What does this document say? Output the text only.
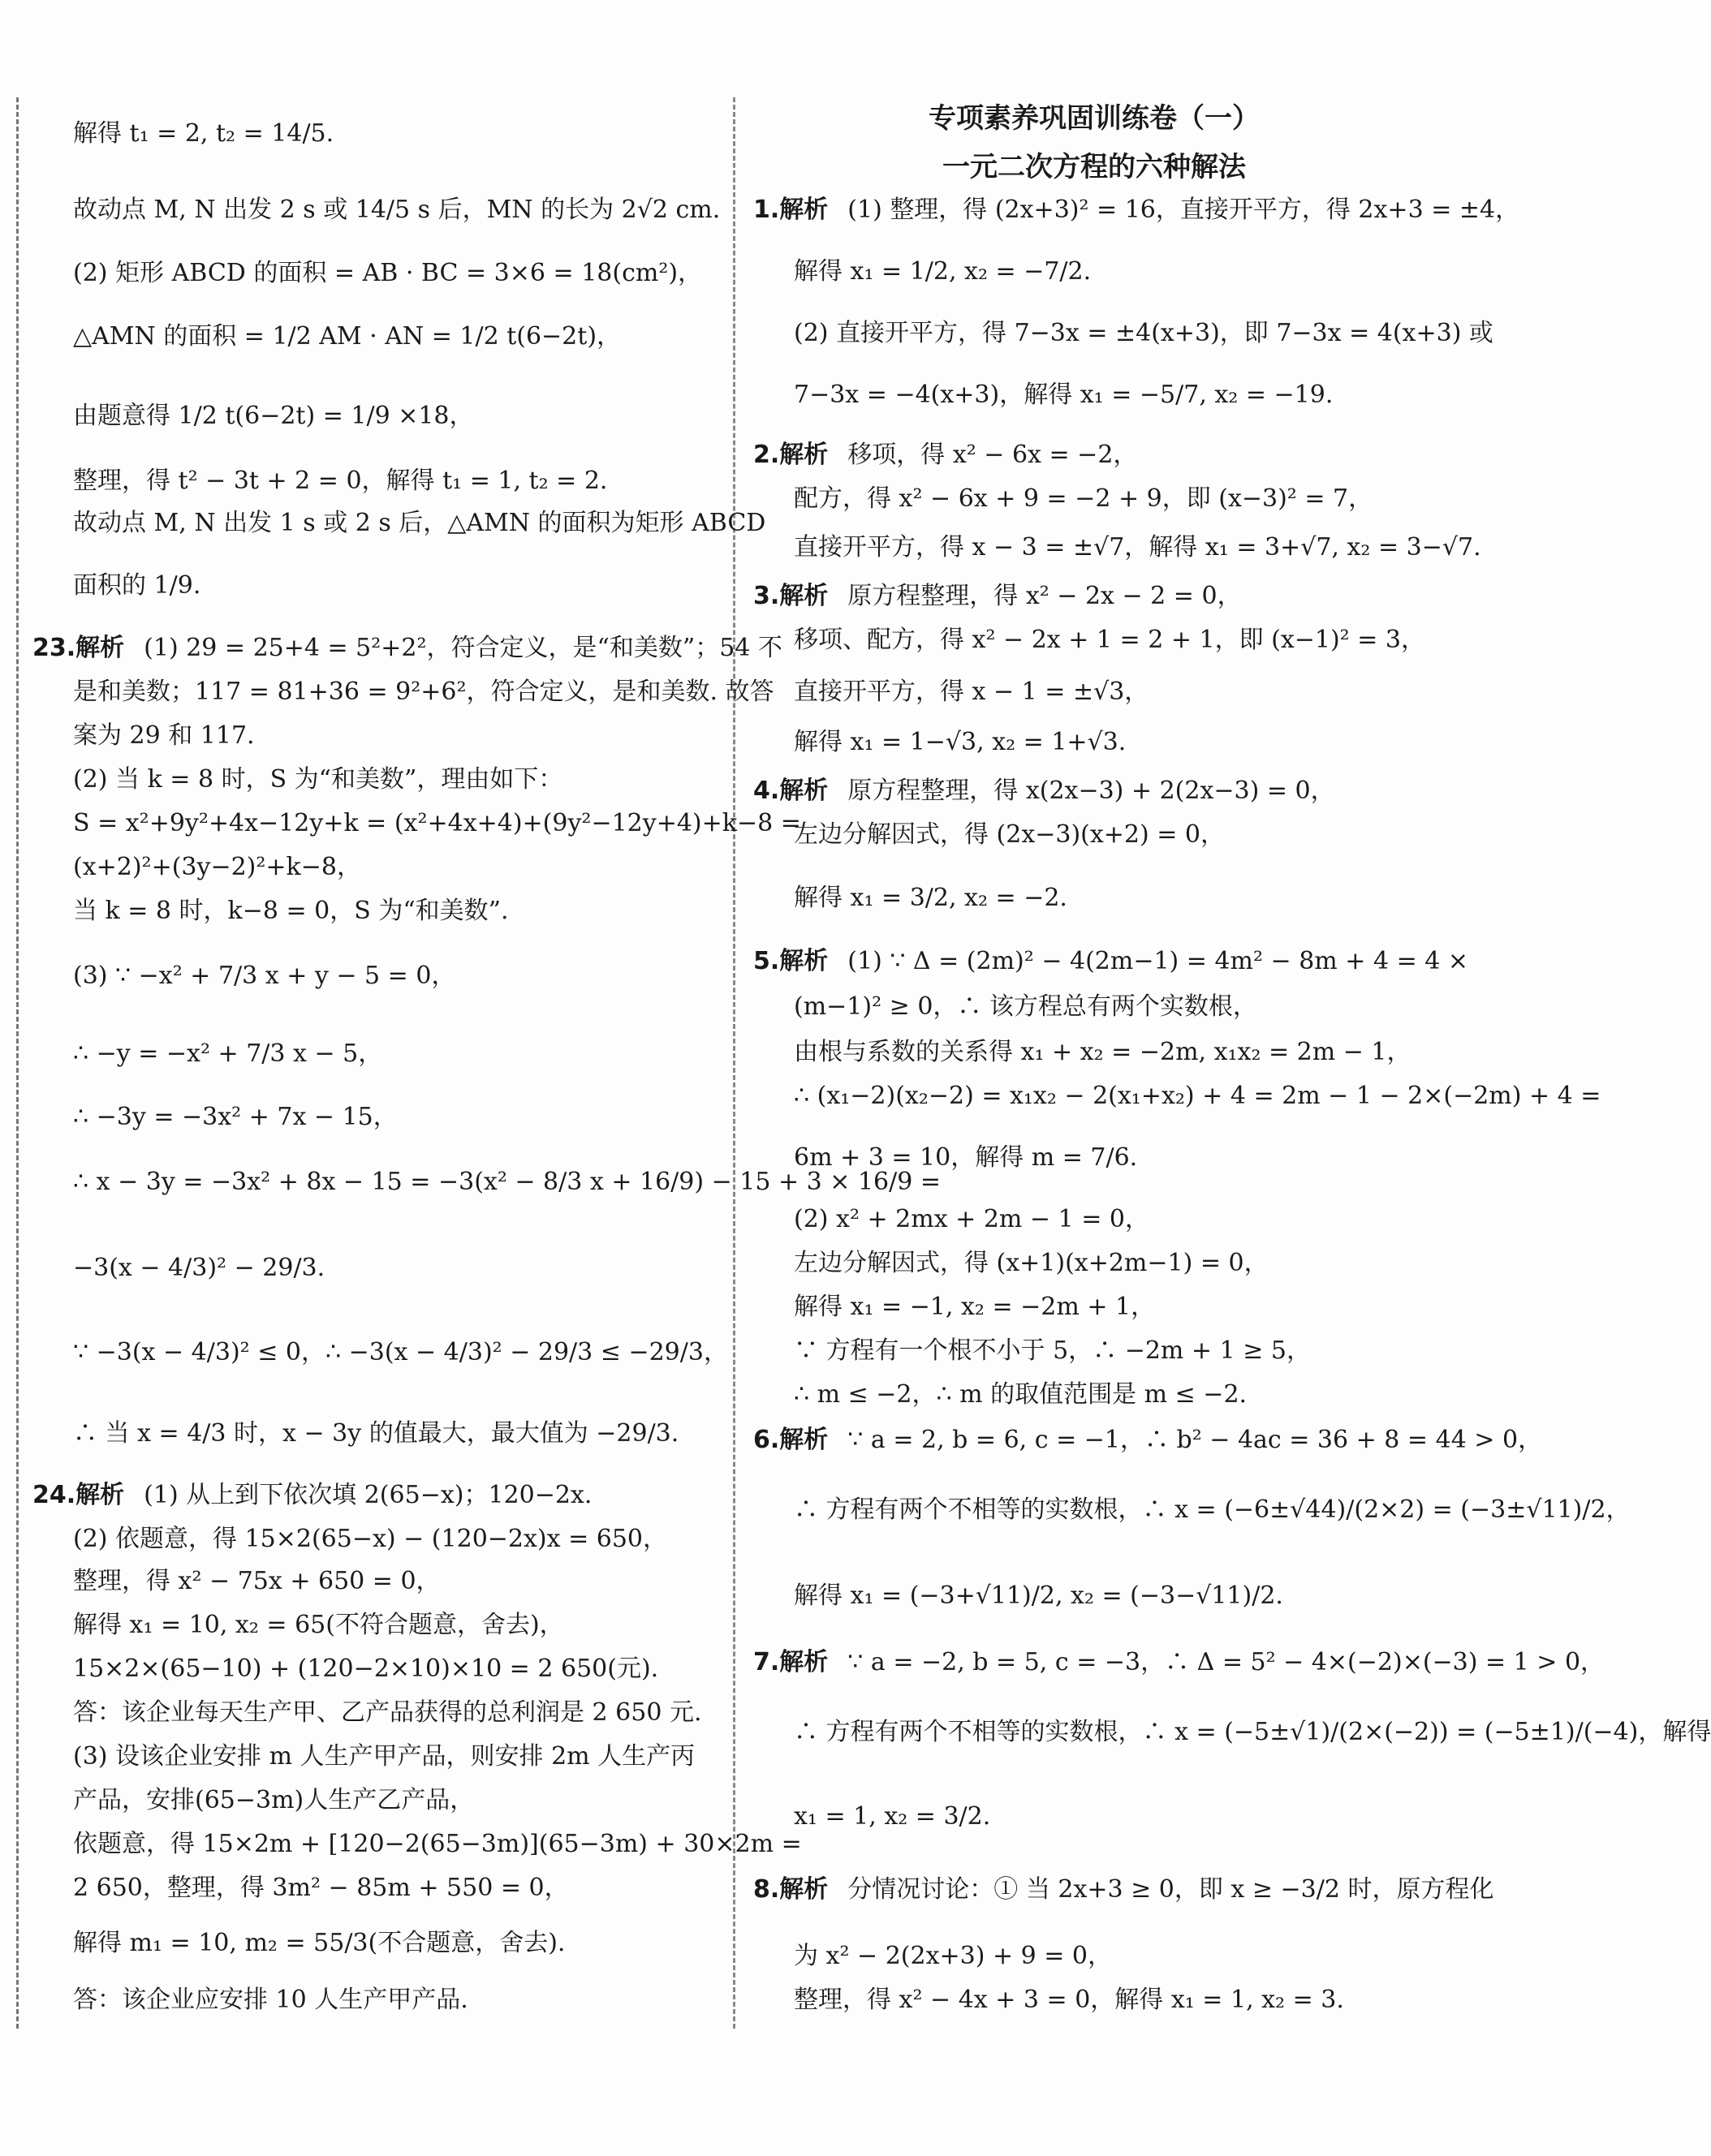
专项素养巩固训练卷（一）
一元二次方程的六种解法
解得 t₁ = 2, t₂ = 14/5.
故动点 M, N 出发 2 s 或 14/5 s 后，MN 的长为 2√2 cm.
(2) 矩形 ABCD 的面积 = AB · BC = 3×6 = 18(cm²)，
△AMN 的面积 = 1/2 AM · AN = 1/2 t(6−2t)，
由题意得 1/2 t(6−2t) = 1/9 ×18，
整理，得 t² − 3t + 2 = 0，解得 t₁ = 1, t₂ = 2.
故动点 M, N 出发 1 s 或 2 s 后，△AMN 的面积为矩形 ABCD
面积的 1/9.
23.解析 (1) 29 = 25+4 = 5²+2²，符合定义，是“和美数”；54 不
是和美数；117 = 81+36 = 9²+6²，符合定义，是和美数. 故答
案为 29 和 117.
(2) 当 k = 8 时，S 为“和美数”，理由如下：
S = x²+9y²+4x−12y+k = (x²+4x+4)+(9y²−12y+4)+k−8 =
(x+2)²+(3y−2)²+k−8，
当 k = 8 时，k−8 = 0，S 为“和美数”.
(3) ∵ −x² + 7/3 x + y − 5 = 0，
∴ −y = −x² + 7/3 x − 5，
∴ −3y = −3x² + 7x − 15，
∴ x − 3y = −3x² + 8x − 15 = −3(x² − 8/3 x + 16/9) − 15 + 3 × 16/9 =
−3(x − 4/3)² − 29/3.
∵ −3(x − 4/3)² ≤ 0，∴ −3(x − 4/3)² − 29/3 ≤ −29/3，
∴ 当 x = 4/3 时，x − 3y 的值最大，最大值为 −29/3.
24.解析 (1) 从上到下依次填 2(65−x)；120−2x.
(2) 依题意，得 15×2(65−x) − (120−2x)x = 650，
整理，得 x² − 75x + 650 = 0，
解得 x₁ = 10, x₂ = 65(不符合题意，舍去)，
15×2×(65−10) + (120−2×10)×10 = 2 650(元).
答：该企业每天生产甲、乙产品获得的总利润是 2 650 元.
(3) 设该企业安排 m 人生产甲产品，则安排 2m 人生产丙
产品，安排(65−3m)人生产乙产品，
依题意，得 15×2m + [120−2(65−3m)](65−3m) + 30×2m =
2 650，整理，得 3m² − 85m + 550 = 0，
解得 m₁ = 10, m₂ = 55/3(不合题意，舍去).
答：该企业应安排 10 人生产甲产品.
1.解析 (1) 整理，得 (2x+3)² = 16，直接开平方，得 2x+3 = ±4，
解得 x₁ = 1/2, x₂ = −7/2.
(2) 直接开平方，得 7−3x = ±4(x+3)，即 7−3x = 4(x+3) 或
7−3x = −4(x+3)，解得 x₁ = −5/7, x₂ = −19.
2.解析 移项，得 x² − 6x = −2，
配方，得 x² − 6x + 9 = −2 + 9，即 (x−3)² = 7，
直接开平方，得 x − 3 = ±√7，解得 x₁ = 3+√7, x₂ = 3−√7.
3.解析 原方程整理，得 x² − 2x − 2 = 0，
移项、配方，得 x² − 2x + 1 = 2 + 1，即 (x−1)² = 3，
直接开平方，得 x − 1 = ±√3，
解得 x₁ = 1−√3, x₂ = 1+√3.
4.解析 原方程整理，得 x(2x−3) + 2(2x−3) = 0，
左边分解因式，得 (2x−3)(x+2) = 0，
解得 x₁ = 3/2, x₂ = −2.
5.解析 (1) ∵ Δ = (2m)² − 4(2m−1) = 4m² − 8m + 4 = 4 ×
(m−1)² ≥ 0，∴ 该方程总有两个实数根，
由根与系数的关系得 x₁ + x₂ = −2m, x₁x₂ = 2m − 1，
∴ (x₁−2)(x₂−2) = x₁x₂ − 2(x₁+x₂) + 4 = 2m − 1 − 2×(−2m) + 4 =
6m + 3 = 10，解得 m = 7/6.
(2) x² + 2mx + 2m − 1 = 0，
左边分解因式，得 (x+1)(x+2m−1) = 0，
解得 x₁ = −1, x₂ = −2m + 1，
∵ 方程有一个根不小于 5，∴ −2m + 1 ≥ 5，
∴ m ≤ −2，∴ m 的取值范围是 m ≤ −2.
6.解析 ∵ a = 2, b = 6, c = −1，∴ b² − 4ac = 36 + 8 = 44 > 0，
∴ 方程有两个不相等的实数根，∴ x = (−6±√44)/(2×2) = (−3±√11)/2，
解得 x₁ = (−3+√11)/2, x₂ = (−3−√11)/2.
7.解析 ∵ a = −2, b = 5, c = −3，∴ Δ = 5² − 4×(−2)×(−3) = 1 > 0，
∴ 方程有两个不相等的实数根，∴ x = (−5±√1)/(2×(−2)) = (−5±1)/(−4)，解得
x₁ = 1, x₂ = 3/2.
8.解析 分情况讨论：① 当 2x+3 ≥ 0，即 x ≥ −3/2 时，原方程化
为 x² − 2(2x+3) + 9 = 0，
整理，得 x² − 4x + 3 = 0，解得 x₁ = 1, x₂ = 3.
